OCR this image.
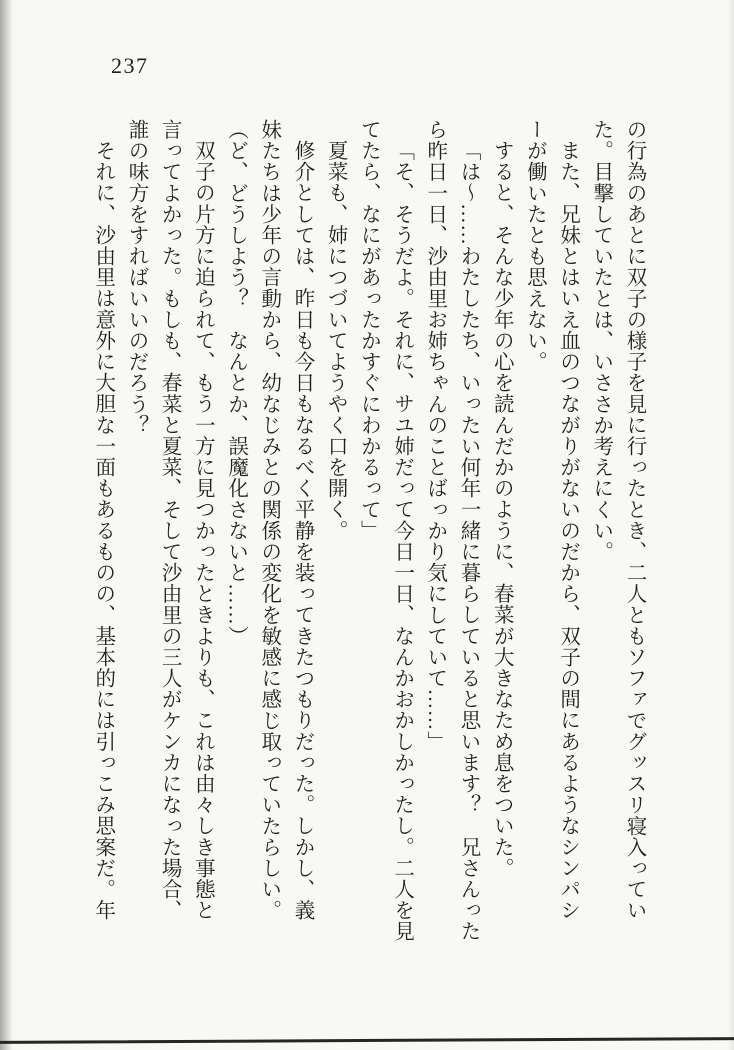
237
の行為のあとに双子の様子を見に行ったとき、二人ともソファでグッスリ寝入ってい
た。目撃していたとは、いささか考えにくい。
また、兄妹とはいえ血のつながりがないのだから、双子の間にあるようなシンパシ
ーが働いたとも思えない。
すると、そんな少年の心を読んだかのように、春菜が大きなため息をついた。
「は〜……わたしたち、いったい何年一緒に暮らしていると思います？　兄さんった
ら昨日一日、沙由里お姉ちゃんのことばっかり気にしていて……」
「そ、そうだよ。それに、サユ姉だって今日一日、なんかおかしかったし。二人を見
てたら、なにがあったかすぐにわかるって」
夏菜も、姉につづいてようやく口を開く。
修介としては、昨日も今日もなるべく平静を装ってきたつもりだった。しかし、義
妹たちは少年の言動から、幼なじみとの関係の変化を敏感に感じ取っていたらしい。
（ど、どうしよう？　なんとか、誤魔化さないと……）
双子の片方に迫られて、もう一方に見つかったときよりも、これは由々しき事態と
言ってよかった。もしも、春菜と夏菜、そして沙由里の三人がケンカになった場合、
誰の味方をすればいいのだろう？
それに、沙由里は意外に大胆な一面もあるものの、基本的には引っこみ思案だ。年
